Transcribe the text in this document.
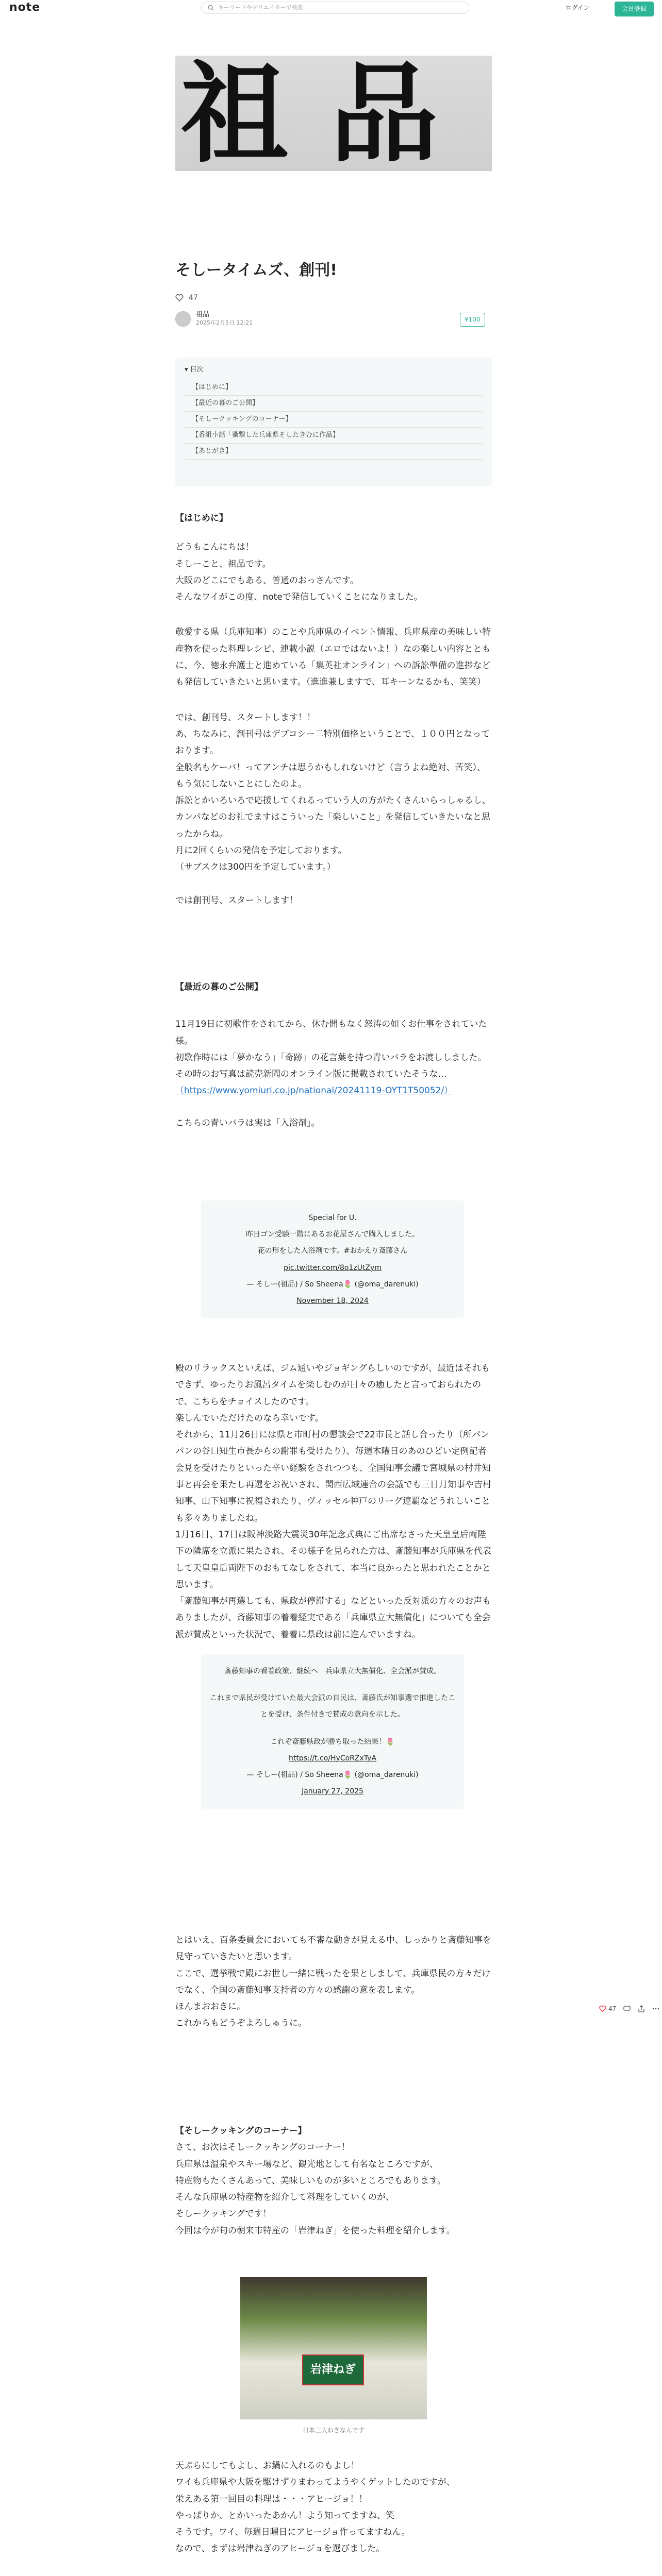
note	キーワードやクリエイターで検索	ログイン	会員登録
祖 品
そしータイムズ、創刊!
47
祖品
2025年2月5日 12:21	¥100
▾ 目次
【はじめに】
【最近の暮のご公開】
【そしークッキングのコーナー】
【番組小話「衝撃した兵庫県そしたきむに作品】
【あとがき】

【はじめに】

どうもこんにちは！

そしーこと、祖品です。

大阪のどこにでもある、普通のおっさんです。

そんなワイがこの度、noteで発信していくことになりました。

敬愛する県（兵庫知事）のことや兵庫県のイベント情報、兵庫県産の美味しい特産物を使った料理レシピ、連載小説（エロではないよ！）なの楽しい内容とともに、今、徳永弁護士と進めている「集英社オンライン」への訴訟準備の進捗なども発信していきたいと思います。（進進兼しますで、耳キーンなるかも、笑笑）

では、創刊号、スタートします！！

あ、ちなみに、創刊号はデブコシー二特別価格ということで、１００円となっております。

全般名もケーバ！ってアンチは思うかもしれないけど（言うよね絶対、苦笑）、もう気にしないことにしたのよ。

訴訟とかいろいろで応援してくれるっていう人の方がたくさんいらっしゃるし、カンパなどのお礼でますはこういった「楽しいこと」を発信していきたいなと思ったからね。

月に2回くらいの発信を予定しております。

（サブスクは300円を予定しています。）

では創刊号、スタートします！

【最近の暮のご公開】

11月19日に初歌作をされてから、休む間もなく怒涛の如くお仕事をされていた様。

初歌作時には「夢かなう」「奇跡」の花言葉を持つ青いバラをお渡ししました。

その時のお写真は読売新聞のオンライン版に掲載されていたそうな…

（https://www.yomiuri.co.jp/national/20241119-OYT1T50052/）

こちらの青いバラは実は「入浴剤」。

Special for U.
昨日ゴン受験一階にあるお花屋さんで購入しました。
花の形をした入浴剤です。#おかえり斎藤さん
pic.twitter.com/8o1zUtZym
— そしー(祖品) / So Sheena🌷 (@oma_darenuki)
November 18, 2024

殿のリラックスといえば、ジム通いやジョギングらしいのですが、最近はそれもできず、ゆったりお風呂タイムを楽しむのが日々の癒したと言っておられたので、こちらをチョイスしたのです。

楽しんでいただけたのなら幸いです。

それから、11月26日には県と市町村の懇談会で22市長と話し合ったり（所パンパンの谷口知生市長からの謝罪も受けたり）、毎週木曜日のあのひどい定例記者会見を受けたりといった辛い経験をされつつも、全国知事会議で宮城県の村井知事と再会を果たし再選をお祝いされ、関西広域連合の会議でも三日月知事や吉村知事、山下知事に祝福されたり、ヴィッセル神戸のリーグ連覇などうれしいことも多々ありましたね。

1月16日、17日は阪神淡路大震災30年記念式典にご出席なさった天皇皇后両陛下の隣席を立派に果たされ、その様子を見られた方は、斎藤知事が兵庫県を代表して天皇皇后両陛下のおもてなしをされて、本当に良かったと思われたことかと思います。

「斎藤知事が再選しても、県政が停滞する」などといった反対派の方々のお声もありましたが、斎藤知事の着着経実である「兵庫県立大無償化」についても全会派が賛成といった状況で、着着に県政は前に進んでいますね。

斎藤知事の看着政策、継続へ　兵庫県立大無償化、全会派が賛成。
これまで県民が受けていた最大会派の自民は、斎藤氏が知事選で推進したことを受け、条件付きで賛成の意向を示した。
これぞ斎藤県政が勝ち取った結果！🌷
https://t.co/HyCoRZxTyA
— そしー(祖品) / So Sheena🌷 (@oma_darenuki)
January 27, 2025

とはいえ、百条委員会においても不審な動きが見える中、しっかりと斎藤知事を見守っていきたいと思います。

ここで、選挙戦で殿にお世し一緒に戦ったを果としまして、兵庫県民の方々だけでなく、全国の斎藤知事支持者の方々の感謝の意を表します。

ほんまおおきに。

これからもどうぞよろしゅうに。

47

【そしークッキングのコーナー】

さて、お次はそしークッキングのコーナー！

兵庫県は温泉やスキー場など、観光地として有名なところですが、

特産物もたくさんあって、美味しいものが多いところでもあります。

そんな兵庫県の特産物を紹介して料理をしていくのが、

そしークッキングです！

今回は今が旬の朝来市特産の「岩津ねぎ」を使った料理を紹介します。

岩津ねぎ
日本三大ねぎなんです

天ぷらにしてもよし、お鍋に入れるのもよし！

ワイも兵庫県や大阪を駆けずりまわってようやくゲットしたのですが、

栄えある第一回目の料理は・・・アヒージョ！！

やっぱりか、とかいったあかん！よう知ってますね、笑

そうです。ワイ、毎週日曜日にアヒージョ作ってますねん。

なので、まずは岩津ねぎのアヒージョを選びました。
